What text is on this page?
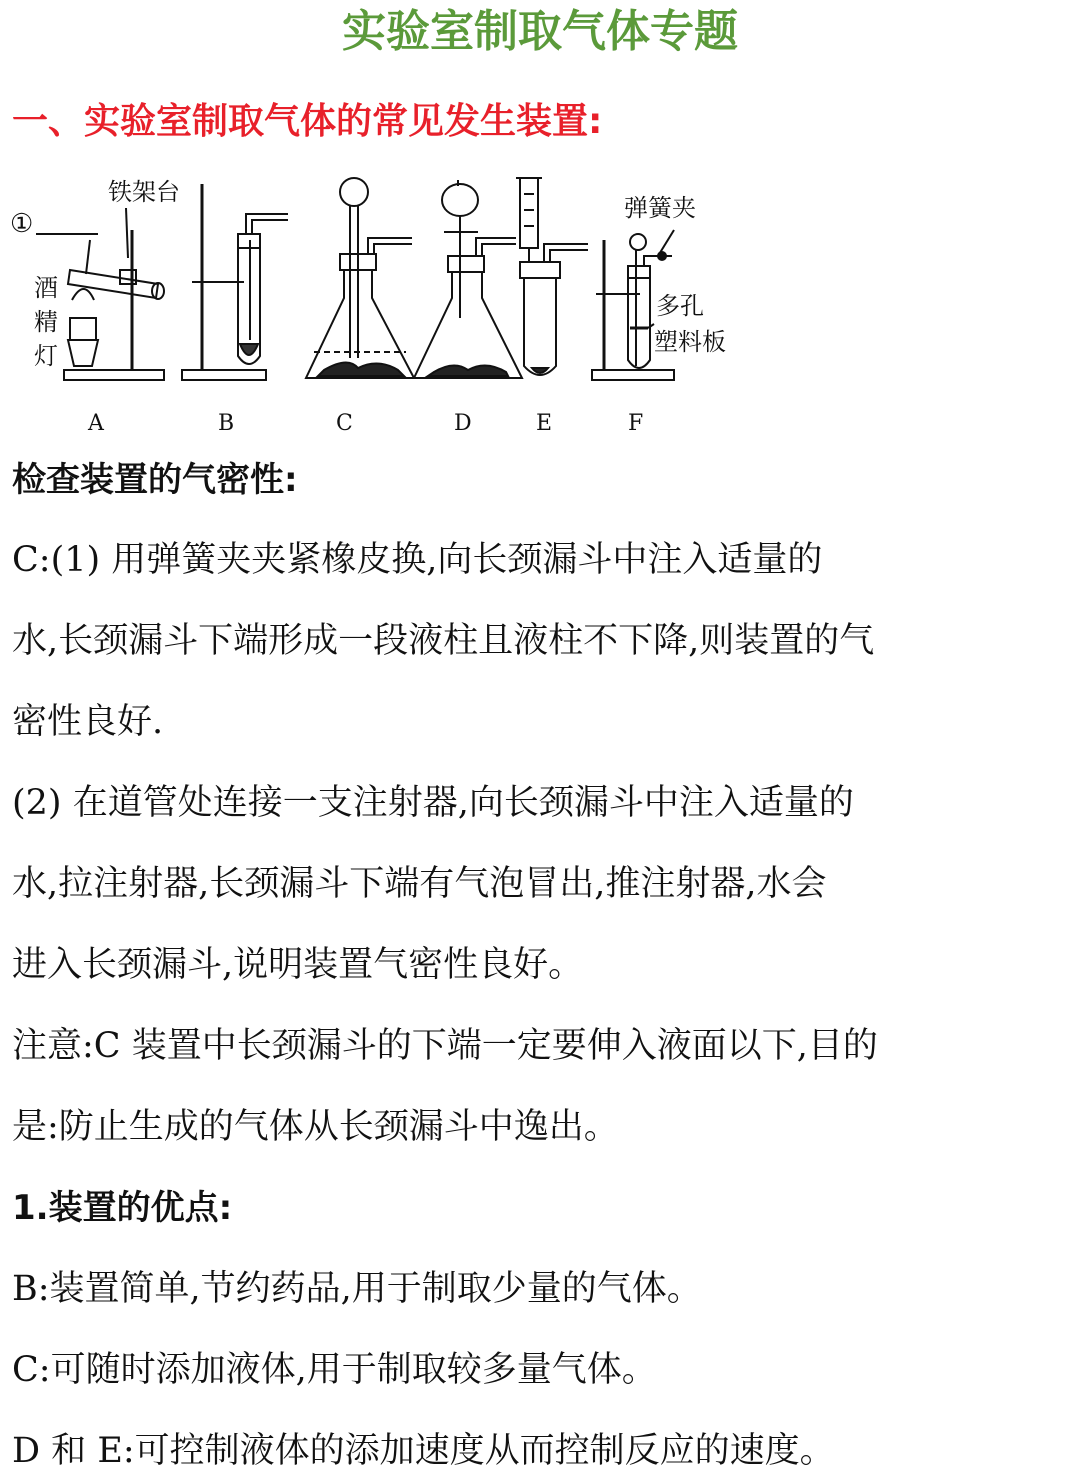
实验室制取气体专题
一、实验室制取气体的常见发生装置:
①
铁架台
酒
精
灯
弹簧夹
多孔
塑料板
A	B	C	D	E	F
检查装置的气密性:
C:(1) 用弹簧夹夹紧橡皮换,向长颈漏斗中注入适量的
水,长颈漏斗下端形成一段液柱且液柱不下降,则装置的气
密性良好.
(2) 在道管处连接一支注射器,向长颈漏斗中注入适量的
水,拉注射器,长颈漏斗下端有气泡冒出,推注射器,水会
进入长颈漏斗,说明装置气密性良好。
注意:C 装置中长颈漏斗的下端一定要伸入液面以下,目的
是:防止生成的气体从长颈漏斗中逸出。
1.装置的优点:
B:装置简单,节约药品,用于制取少量的气体。
C:可随时添加液体,用于制取较多量气体。
D 和 E:可控制液体的添加速度从而控制反应的速度。
